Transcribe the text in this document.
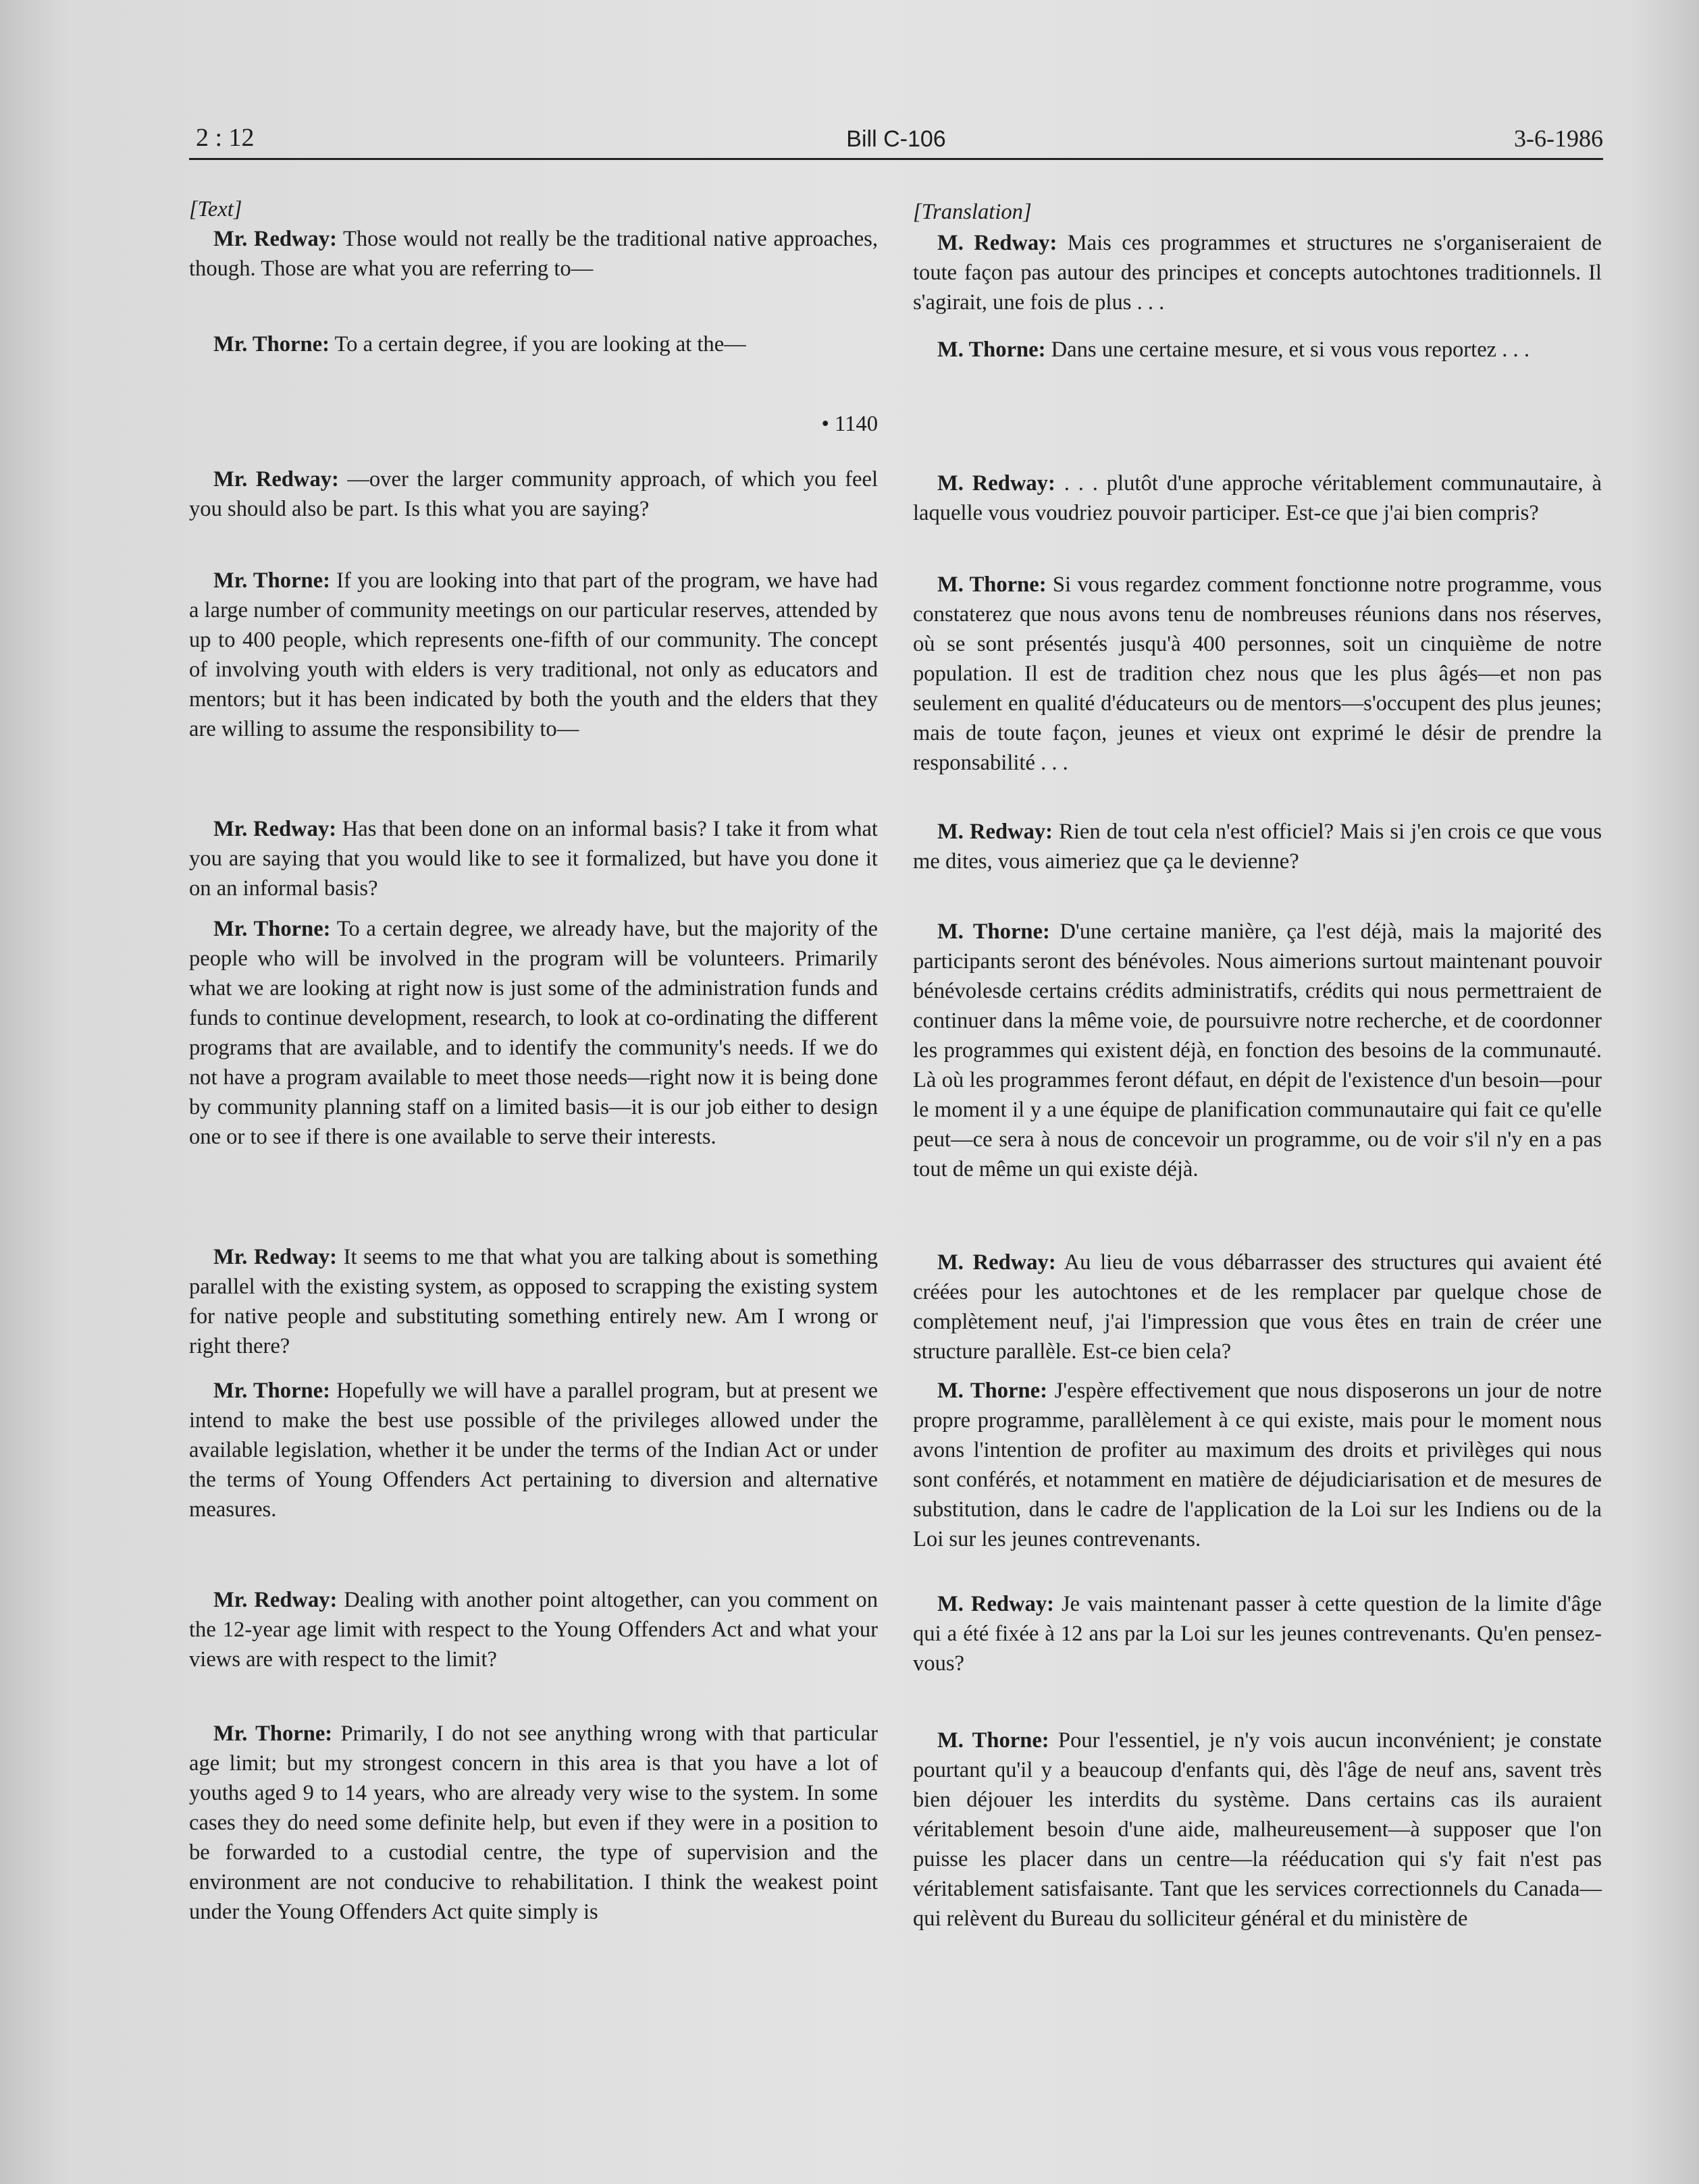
2 : 12	Bill C-106	3-6-1986

[Text]

Mr. Redway: Those would not really be the traditional native approaches, though. Those are what you are referring to—

Mr. Thorne: To a certain degree, if you are looking at the—

• 1140

Mr. Redway: —over the larger community approach, of which you feel you should also be part. Is this what you are saying?

Mr. Thorne: If you are looking into that part of the program, we have had a large number of community meetings on our particular reserves, attended by up to 400 people, which represents one-fifth of our community. The concept of involving youth with elders is very traditional, not only as educators and mentors; but it has been indicated by both the youth and the elders that they are willing to assume the responsibility to—

Mr. Redway: Has that been done on an informal basis? I take it from what you are saying that you would like to see it formalized, but have you done it on an informal basis?

Mr. Thorne: To a certain degree, we already have, but the majority of the people who will be involved in the program will be volunteers. Primarily what we are looking at right now is just some of the administration funds and funds to continue development, research, to look at co-ordinating the different programs that are available, and to identify the community's needs. If we do not have a program available to meet those needs—right now it is being done by community planning staff on a limited basis—it is our job either to design one or to see if there is one available to serve their interests.

Mr. Redway: It seems to me that what you are talking about is something parallel with the existing system, as opposed to scrapping the existing system for native people and substituting something entirely new. Am I wrong or right there?

Mr. Thorne: Hopefully we will have a parallel program, but at present we intend to make the best use possible of the privileges allowed under the available legislation, whether it be under the terms of the Indian Act or under the terms of Young Offenders Act pertaining to diversion and alternative measures.

Mr. Redway: Dealing with another point altogether, can you comment on the 12-year age limit with respect to the Young Offenders Act and what your views are with respect to the limit?

Mr. Thorne: Primarily, I do not see anything wrong with that particular age limit; but my strongest concern in this area is that you have a lot of youths aged 9 to 14 years, who are already very wise to the system. In some cases they do need some definite help, but even if they were in a position to be forwarded to a custodial centre, the type of supervision and the environment are not conducive to rehabilitation. I think the weakest point under the Young Offenders Act quite simply is

[Translation]

M. Redway: Mais ces programmes et structures ne s'organiseraient de toute façon pas autour des principes et concepts autochtones traditionnels. Il s'agirait, une fois de plus . . .

M. Thorne: Dans une certaine mesure, et si vous vous reportez . . .

M. Redway: . . . plutôt d'une approche véritablement communautaire, à laquelle vous voudriez pouvoir participer. Est-ce que j'ai bien compris?

M. Thorne: Si vous regardez comment fonctionne notre programme, vous constaterez que nous avons tenu de nombreuses réunions dans nos réserves, où se sont présentés jusqu'à 400 personnes, soit un cinquième de notre population. Il est de tradition chez nous que les plus âgés—et non pas seulement en qualité d'éducateurs ou de mentors—s'occupent des plus jeunes; mais de toute façon, jeunes et vieux ont exprimé le désir de prendre la responsabilité . . .

M. Redway: Rien de tout cela n'est officiel? Mais si j'en crois ce que vous me dites, vous aimeriez que ça le devienne?

M. Thorne: D'une certaine manière, ça l'est déjà, mais la majorité des participants seront des bénévoles. Nous aimerions surtout maintenant pouvoir bénévolesde certains crédits administratifs, crédits qui nous permettraient de continuer dans la même voie, de poursuivre notre recherche, et de coordonner les programmes qui existent déjà, en fonction des besoins de la communauté. Là où les programmes feront défaut, en dépit de l'existence d'un besoin—pour le moment il y a une équipe de planification communautaire qui fait ce qu'elle peut—ce sera à nous de concevoir un programme, ou de voir s'il n'y en a pas tout de même un qui existe déjà.

M. Redway: Au lieu de vous débarrasser des structures qui avaient été créées pour les autochtones et de les remplacer par quelque chose de complètement neuf, j'ai l'impression que vous êtes en train de créer une structure parallèle. Est-ce bien cela?

M. Thorne: J'espère effectivement que nous disposerons un jour de notre propre programme, parallèlement à ce qui existe, mais pour le moment nous avons l'intention de profiter au maximum des droits et privilèges qui nous sont conférés, et notamment en matière de déjudiciarisation et de mesures de substitution, dans le cadre de l'application de la Loi sur les Indiens ou de la Loi sur les jeunes contrevenants.

M. Redway: Je vais maintenant passer à cette question de la limite d'âge qui a été fixée à 12 ans par la Loi sur les jeunes contrevenants. Qu'en pensez-vous?

M. Thorne: Pour l'essentiel, je n'y vois aucun inconvénient; je constate pourtant qu'il y a beaucoup d'enfants qui, dès l'âge de neuf ans, savent très bien déjouer les interdits du système. Dans certains cas ils auraient véritablement besoin d'une aide, malheureusement—à supposer que l'on puisse les placer dans un centre—la rééducation qui s'y fait n'est pas véritablement satisfaisante. Tant que les services correctionnels du Canada—qui relèvent du Bureau du solliciteur général et du ministère de
